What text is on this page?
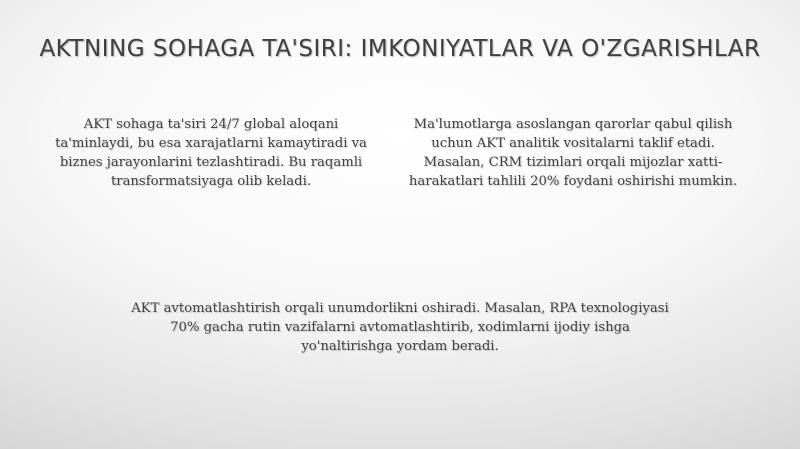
AKTNING SOHAGA TA'SIRI: IMKONIYATLAR VA O'ZGARISHLAR
AKT sohaga ta'siri 24/7 global aloqani ta'minlaydi, bu esa xarajatlarni kamaytiradi va biznes jarayonlarini tezlashtiradi. Bu raqamli transformatsiyaga olib keladi.
Ma'lumotlarga asoslangan qarorlar qabul qilish uchun AKT analitik vositalarni taklif etadi. Masalan, CRM tizimlari orqali mijozlar xatti-harakatlari tahlili 20% foydani oshirishi mumkin.
AKT avtomatlashtirish orqali unumdorlikni oshiradi. Masalan, RPA texnologiyasi 70% gacha rutin vazifalarni avtomatlashtirib, xodimlarni ijodiy ishga yo'naltirishga yordam beradi.
